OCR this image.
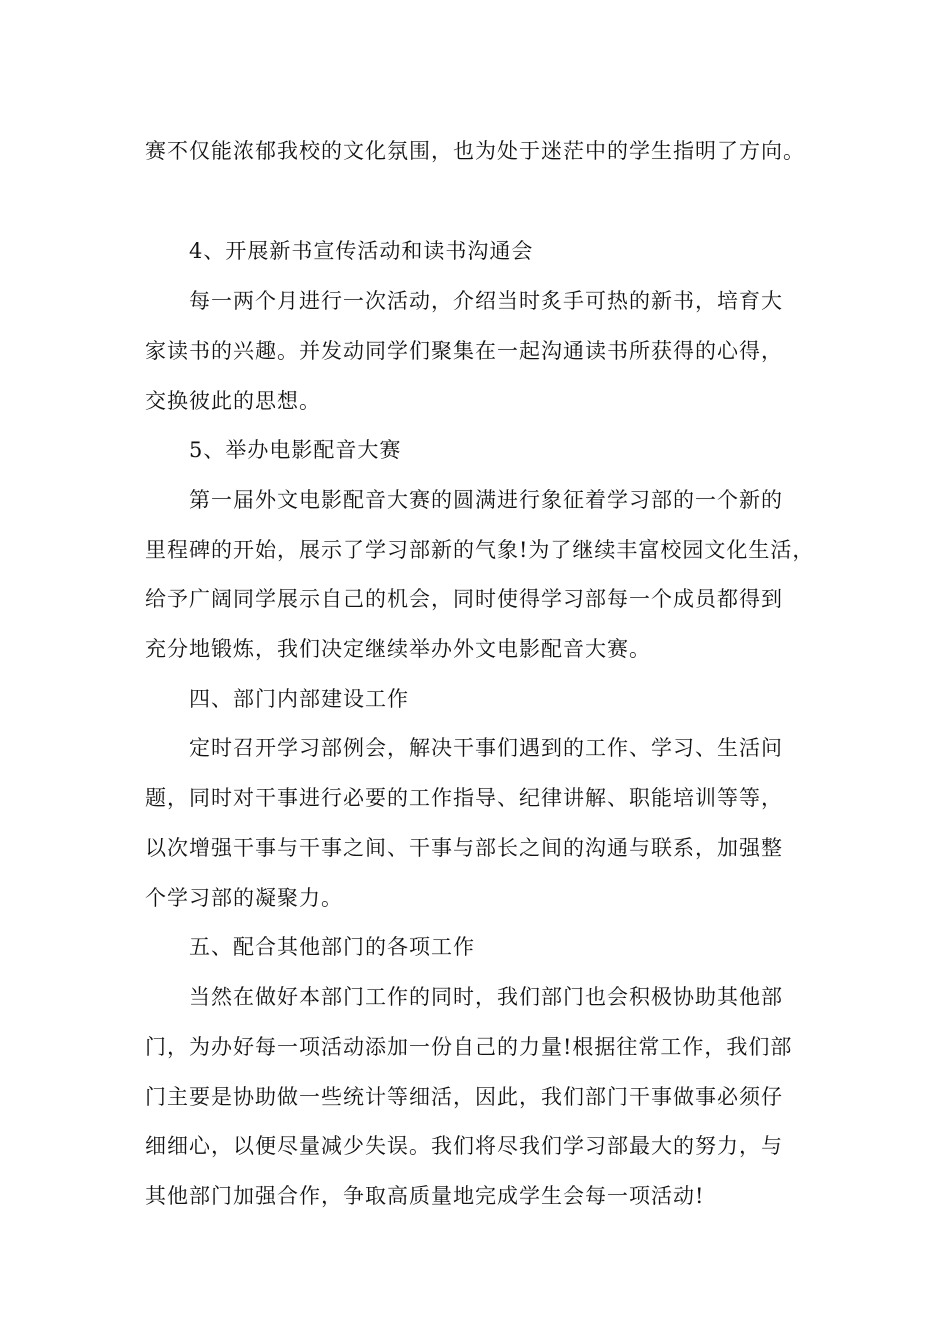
赛不仅能浓郁我校的文化氛围，也为处于迷茫中的学生指明了方向。
4、开展新书宣传活动和读书沟通会
每一两个月进行一次活动，介绍当时炙手可热的新书，培育大
家读书的兴趣。并发动同学们聚集在一起沟通读书所获得的心得，
交换彼此的思想。
5、举办电影配音大赛
第一届外文电影配音大赛的圆满进行象征着学习部的一个新的
里程碑的开始，展示了学习部新的气象!为了继续丰富校园文化生活，
给予广阔同学展示自己的机会，同时使得学习部每一个成员都得到
充分地锻炼，我们决定继续举办外文电影配音大赛。
四、部门内部建设工作
定时召开学习部例会，解决干事们遇到的工作、学习、生活问
题，同时对干事进行必要的工作指导、纪律讲解、职能培训等等，
以次增强干事与干事之间、干事与部长之间的沟通与联系，加强整
个学习部的凝聚力。
五、配合其他部门的各项工作
当然在做好本部门工作的同时，我们部门也会积极协助其他部
门，为办好每一项活动添加一份自己的力量!根据往常工作，我们部
门主要是协助做一些统计等细活，因此，我们部门干事做事必须仔
细细心，以便尽量减少失误。我们将尽我们学习部最大的努力，与
其他部门加强合作，争取高质量地完成学生会每一项活动!
